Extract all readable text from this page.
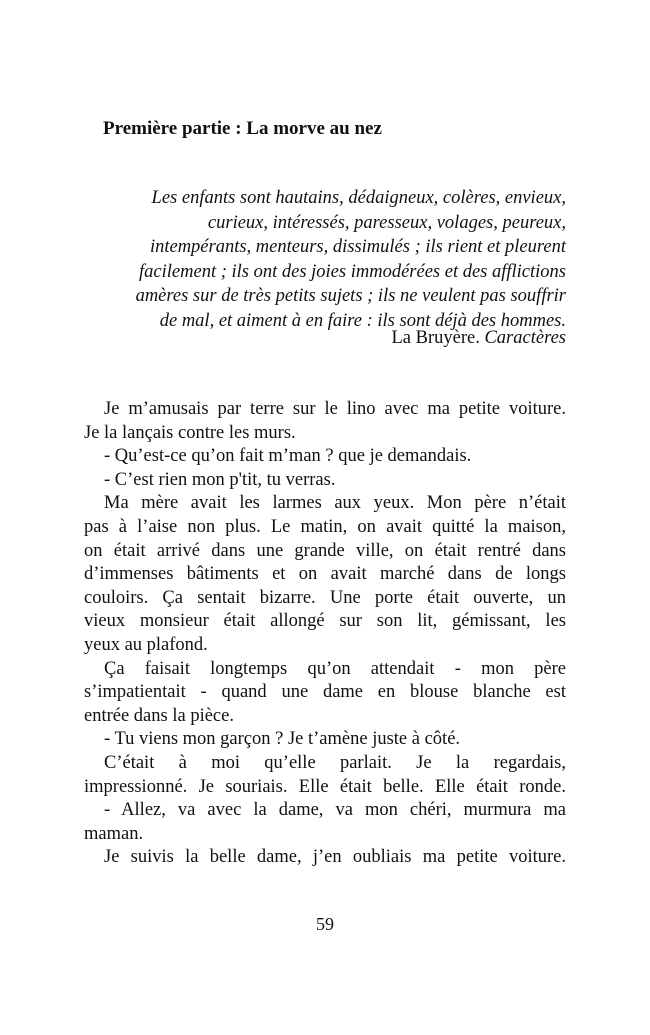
Première partie : La morve au nez
Les enfants sont hautains, dédaigneux, colères, envieux,
curieux, intéressés, paresseux, volages, peureux,
intempérants, menteurs, dissimulés ; ils rient et pleurent
facilement ; ils ont des joies immodérées et des afflictions
amères sur de très petits sujets ; ils ne veulent pas souffrir
de mal, et aiment à en faire : ils sont déjà des hommes.
La Bruyère. Caractères
Je m’amusais par terre sur le lino avec ma petite voiture.
Je la lançais contre les murs.
- Qu’est-ce qu’on fait m’man ? que je demandais.
- C’est rien mon p'tit, tu verras.
Ma mère avait les larmes aux yeux. Mon père n’était
pas à l’aise non plus. Le matin, on avait quitté la maison,
on était arrivé dans une grande ville, on était rentré dans
d’immenses bâtiments et on avait marché dans de longs
couloirs. Ça sentait bizarre. Une porte était ouverte, un
vieux monsieur était allongé sur son lit, gémissant, les
yeux au plafond.
Ça faisait longtemps qu’on attendait - mon père
s’impatientait - quand une dame en blouse blanche est
entrée dans la pièce.
- Tu viens mon garçon ? Je t’amène juste à côté.
C’était à moi qu’elle parlait. Je la regardais,
impressionné. Je souriais. Elle était belle. Elle était ronde.
- Allez, va avec la dame, va mon chéri, murmura ma
maman.
Je suivis la belle dame, j’en oubliais ma petite voiture.
59
